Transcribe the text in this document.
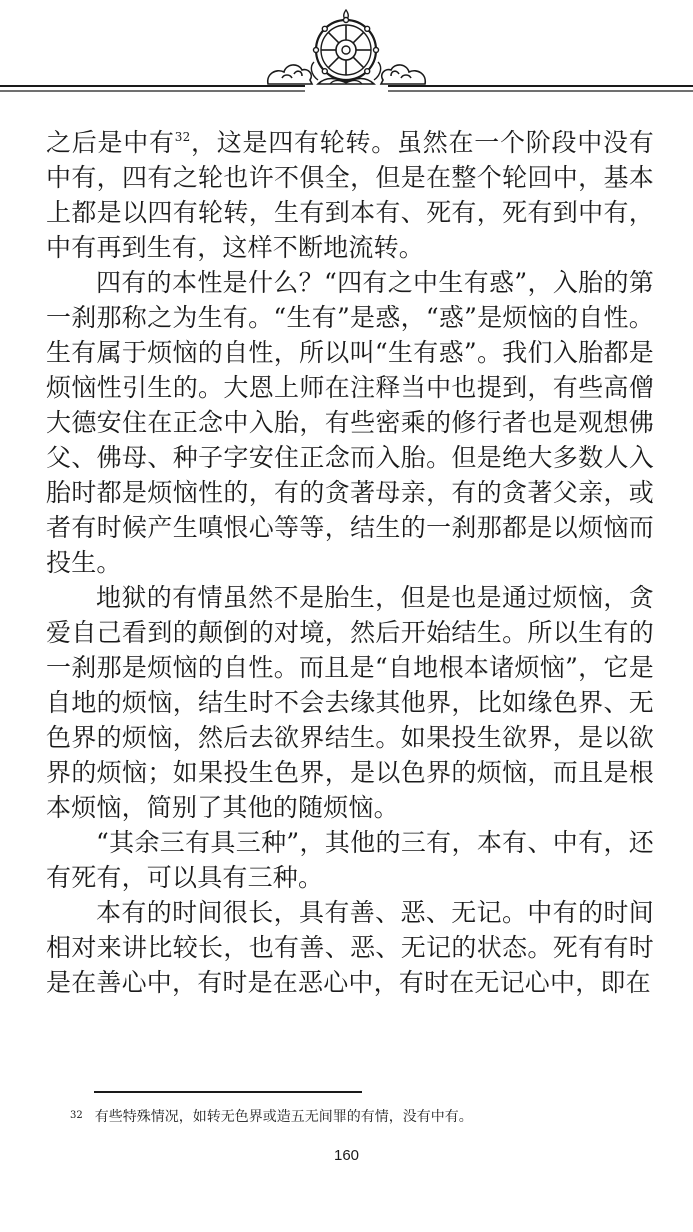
之后是中有$^{32}$，这是四有轮转。虽然在一个阶段中没有中有，四有之轮也许不俱全，但是在整个轮回中，基本上都是以四有轮转，生有到本有、死有，死有到中有，中有再到生有，这样不断地流转。

四有的本性是什么？“四有之中生有惑”，入胎的第一刹那称之为生有。“生有”是惑，“惑”是烦恼的自性。生有属于烦恼的自性，所以叫“生有惑”。我们入胎都是烦恼性引生的。大恩上师在注释当中也提到，有些高僧大德安住在正念中入胎，有些密乘的修行者也是观想佛父、佛母、种子字安住正念而入胎。但是绝大多数人入胎时都是烦恼性的，有的贪著母亲，有的贪著父亲，或者有时候产生嗔恨心等等，结生的一刹那都是以烦恼而投生。

地狱的有情虽然不是胎生，但是也是通过烦恼，贪爱自己看到的颠倒的对境，然后开始结生。所以生有的一刹那是烦恼的自性。而且是“自地根本诸烦恼”，它是自地的烦恼，结生时不会去缘其他界，比如缘色界、无色界的烦恼，然后去欲界结生。如果投生欲界，是以欲界的烦恼；如果投生色界，是以色界的烦恼，而且是根本烦恼，简别了其他的随烦恼。

“其余三有具三种”，其他的三有，本有、中有，还有死有，可以具有三种。

本有的时间很长，具有善、恶、无记。中有的时间相对来讲比较长，也有善、恶、无记的状态。死有有时是在善心中，有时是在恶心中，有时在无记心中，即在

$^{32}$ 有些特殊情况，如转无色界或造五无间罪的有情，没有中有。
160
